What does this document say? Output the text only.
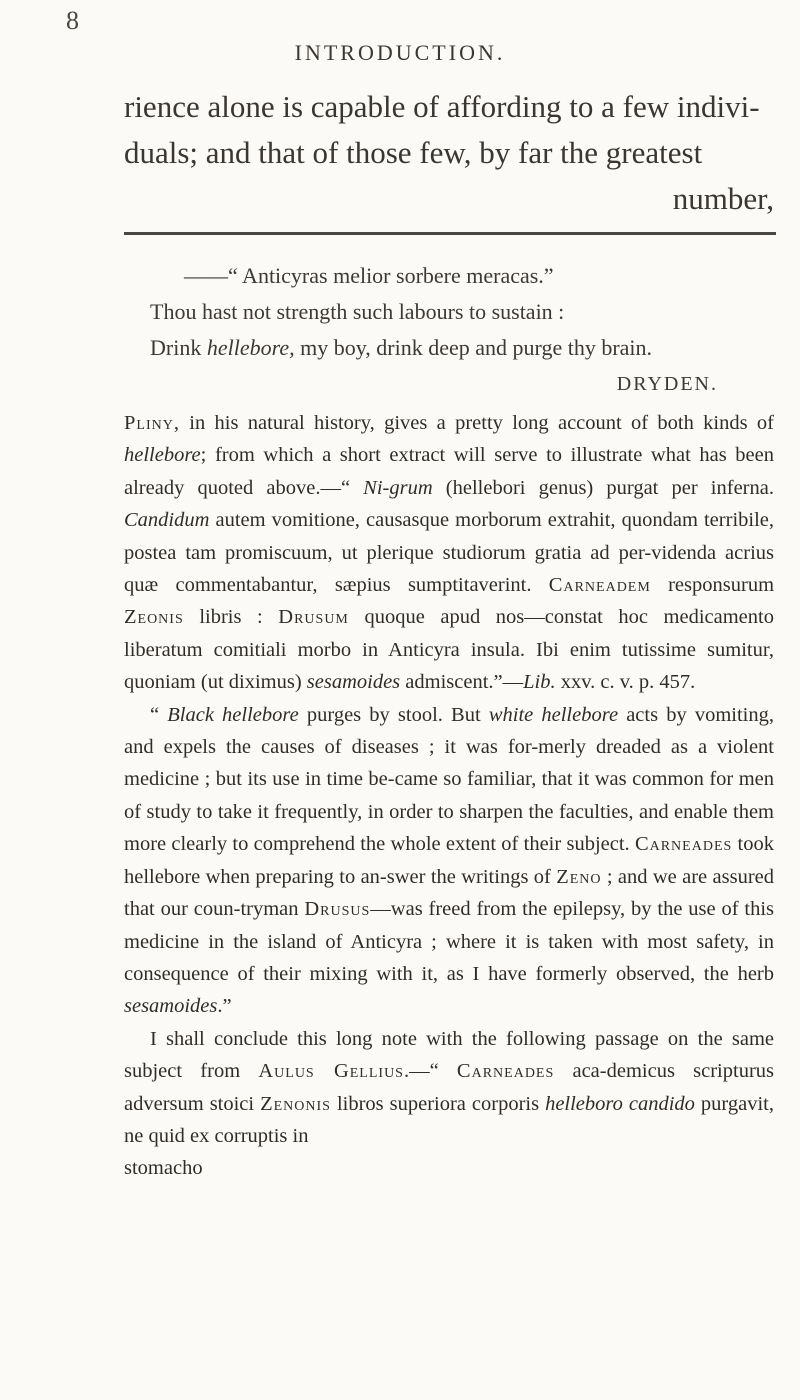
8
INTRODUCTION.
rience alone is capable of affording to a few indivi-
duals; and that of those few, by far the greatest
number,
——“ Anticyras melior sorbere meracas.”
Thou hast not strength such labours to sustain :
Drink hellebore, my boy, drink deep and purge thy brain.
DRYDEN.

Pliny, in his natural history, gives a pretty long account of both kinds of hellebore; from which a short extract will serve to illustrate what has been already quoted above.—“ Ni-grum (hellebori genus) purgat per inferna. Candidum autem vomitione, causasque morborum extrahit, quondam terribile, postea tam promiscuum, ut plerique studiorum gratia ad per-videnda acrius quæ commentabantur, sæpius sumptitaverint. Carneadem responsurum Zeonis libris : Drusum quoque apud nos—constat hoc medicamento liberatum comitiali morbo in Anticyra insula. Ibi enim tutissime sumitur, quoniam (ut diximus) sesamoides admiscent.”—Lib. xxv. c. v. p. 457.

“ Black hellebore purges by stool. But white hellebore acts by vomiting, and expels the causes of diseases ; it was for-merly dreaded as a violent medicine ; but its use in time be-came so familiar, that it was common for men of study to take it frequently, in order to sharpen the faculties, and enable them more clearly to comprehend the whole extent of their subject. Carneades took hellebore when preparing to an-swer the writings of Zeno ; and we are assured that our coun-tryman Drusus—was freed from the epilepsy, by the use of this medicine in the island of Anticyra ; where it is taken with most safety, in consequence of their mixing with it, as I have formerly observed, the herb sesamoides.”

I shall conclude this long note with the following passage on the same subject from Aulus Gellius.—“ Carneades aca-demicus scripturus adversum stoici Zenonis libros superiora corporis helleboro candido purgavit, ne quid ex corruptis in

stomacho
